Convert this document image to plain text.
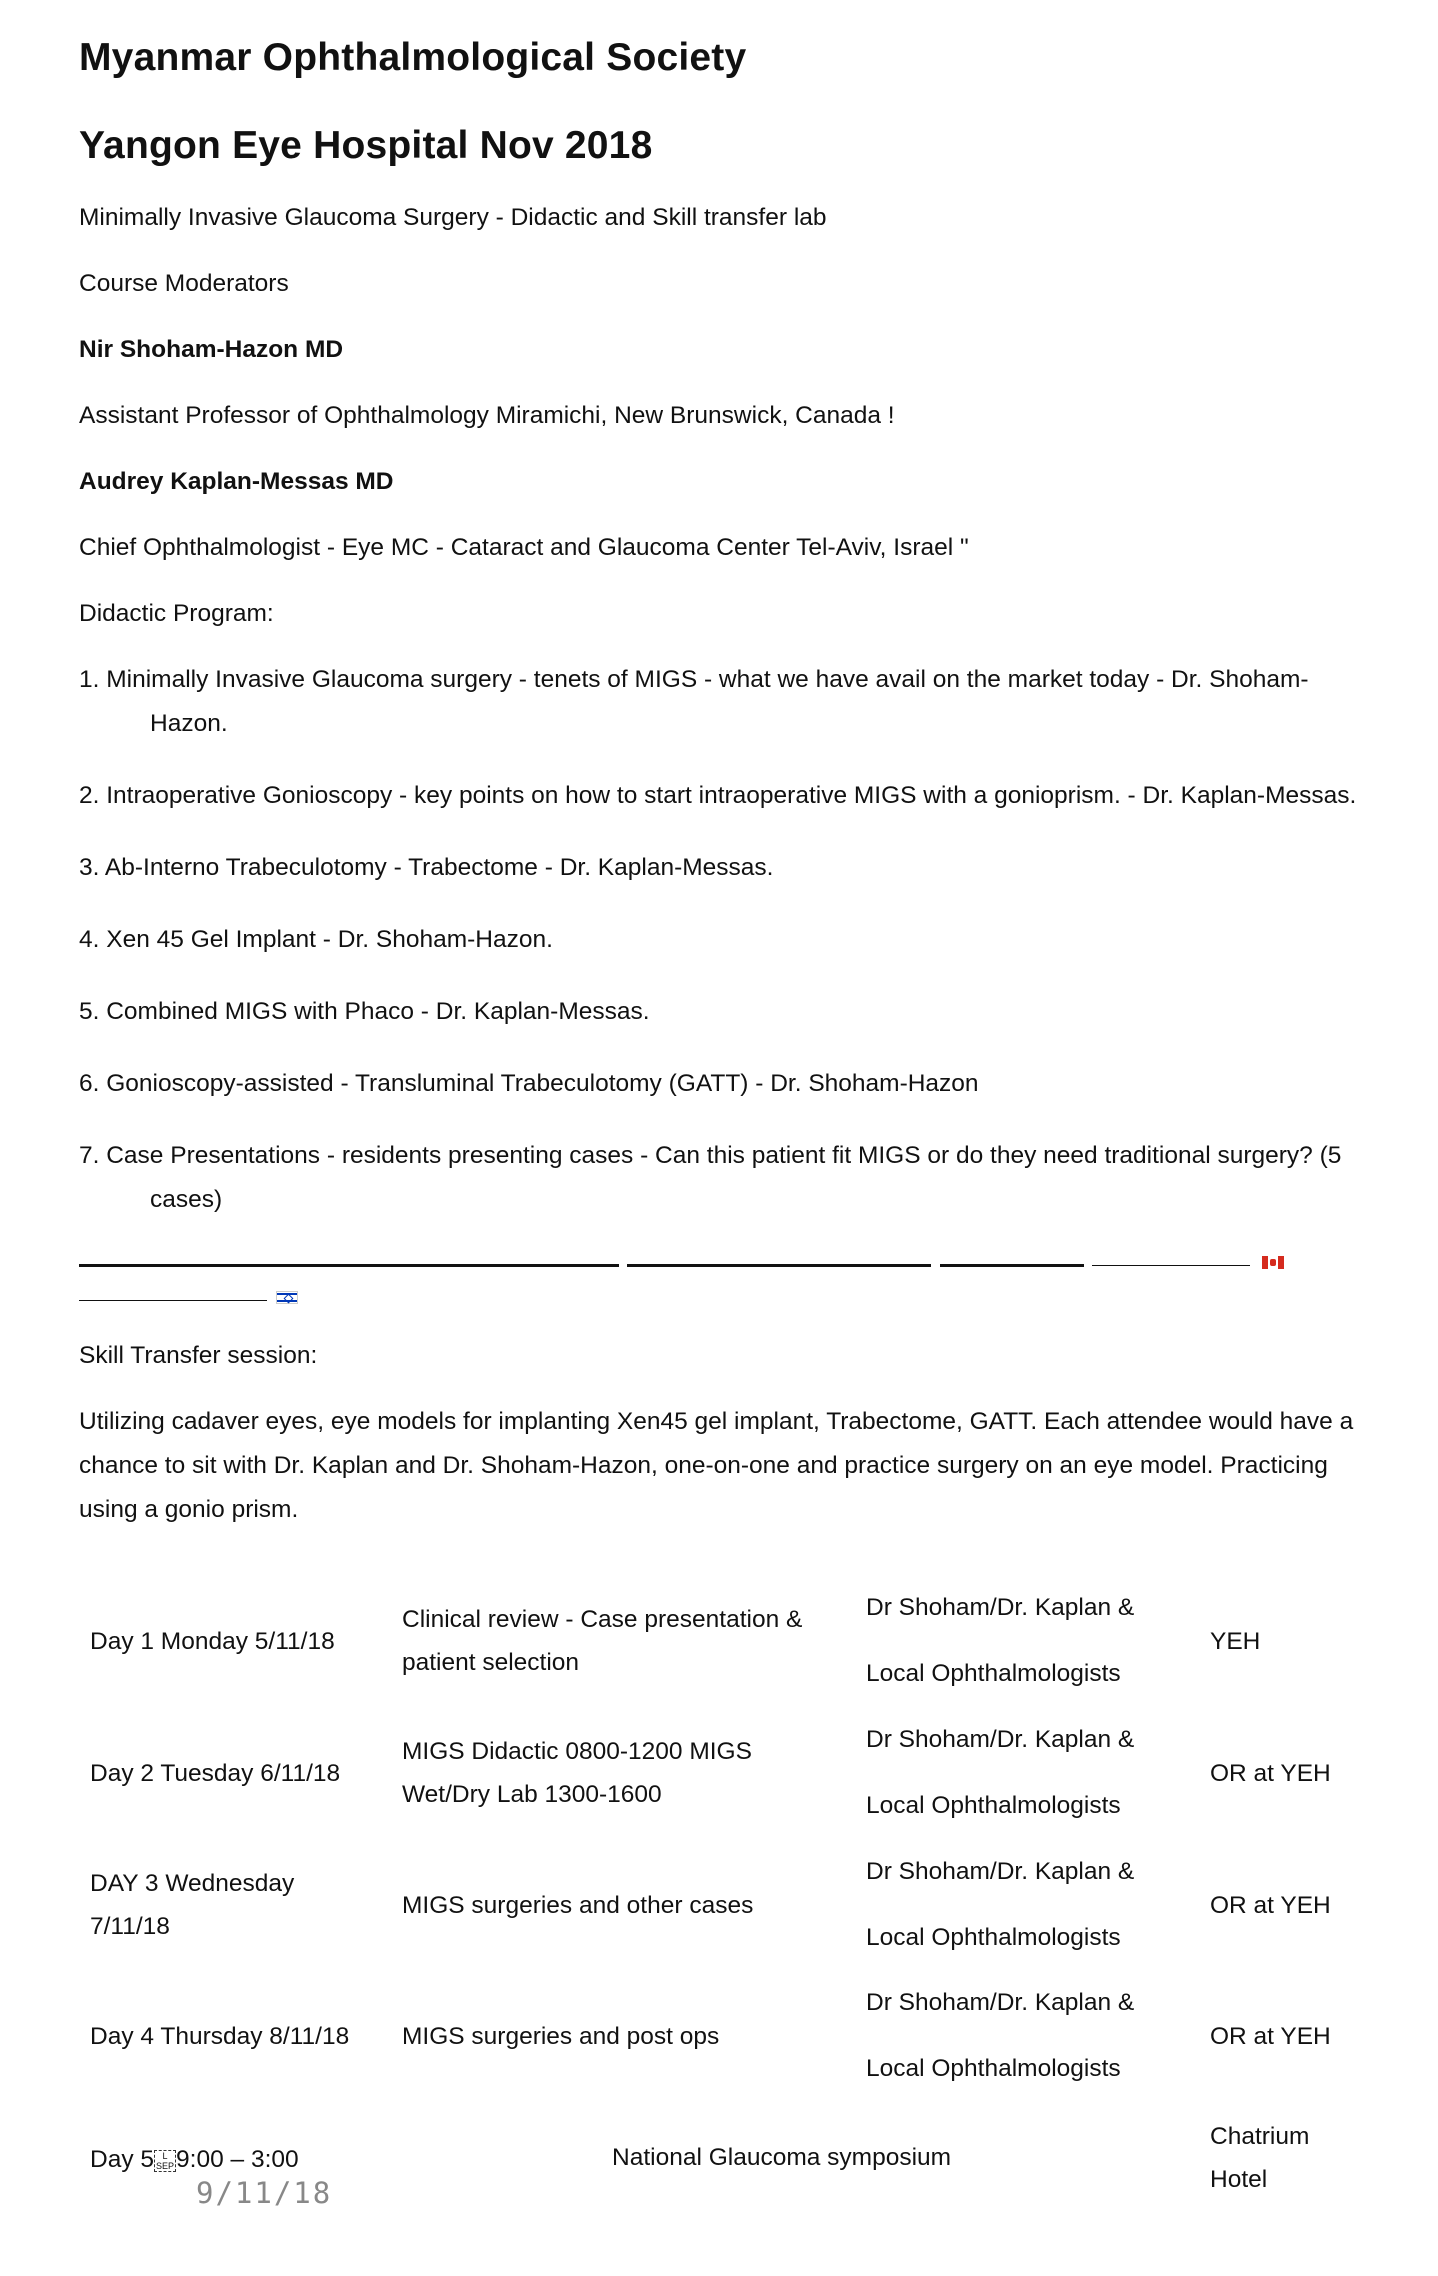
Myanmar Ophthalmological Society
Yangon Eye Hospital Nov 2018
Minimally Invasive Glaucoma Surgery - Didactic and Skill transfer lab
Course Moderators
Nir Shoham-Hazon MD
Assistant Professor of Ophthalmology Miramichi, New Brunswick, Canada !
Audrey Kaplan-Messas MD
Chief Ophthalmologist - Eye MC - Cataract and Glaucoma Center Tel-Aviv, Israel "
Didactic Program:
1. Minimally Invasive Glaucoma surgery - tenets of MIGS - what we have avail on the market today - Dr. Shoham-Hazon.
2. Intraoperative Gonioscopy - key points on how to start intraoperative MIGS with a gonioprism. - Dr. Kaplan-Messas.
3. Ab-Interno Trabeculotomy - Trabectome - Dr. Kaplan-Messas.
4. Xen 45 Gel Implant - Dr. Shoham-Hazon.
5. Combined MIGS with Phaco - Dr. Kaplan-Messas.
6. Gonioscopy-assisted - Transluminal Trabeculotomy (GATT) - Dr. Shoham-Hazon
7. Case Presentations - residents presenting cases - Can this patient fit MIGS or do they need traditional surgery? (5 cases)
Skill Transfer session:
Utilizing cadaver eyes, eye models for implanting Xen45 gel implant, Trabectome, GATT. Each attendee would have a chance to sit with Dr. Kaplan and Dr. Shoham-Hazon, one-on-one and practice surgery on an eye model. Practicing using a gonio prism.
Day 1 Monday 5/11/18
Clinical review - Case presentation &
patient selection
Dr Shoham/Dr. Kaplan &
Local Ophthalmologists
YEH
Day 2 Tuesday 6/11/18
MIGS Didactic 0800-1200 MIGS
Wet/Dry Lab 1300-1600
Dr Shoham/Dr. Kaplan &
Local Ophthalmologists
OR at YEH
DAY 3 Wednesday
7/11/18
MIGS surgeries and other cases
Dr Shoham/Dr. Kaplan &
Local Ophthalmologists
OR at YEH
Day 4 Thursday 8/11/18 MIGS surgeries and post ops
Dr Shoham/Dr. Kaplan &
Local Ophthalmologists
OR at YEH
Day 5 L
SEP9:00 – 3:00
9/11/18
National Glaucoma symposium
Chatrium
Hotel
